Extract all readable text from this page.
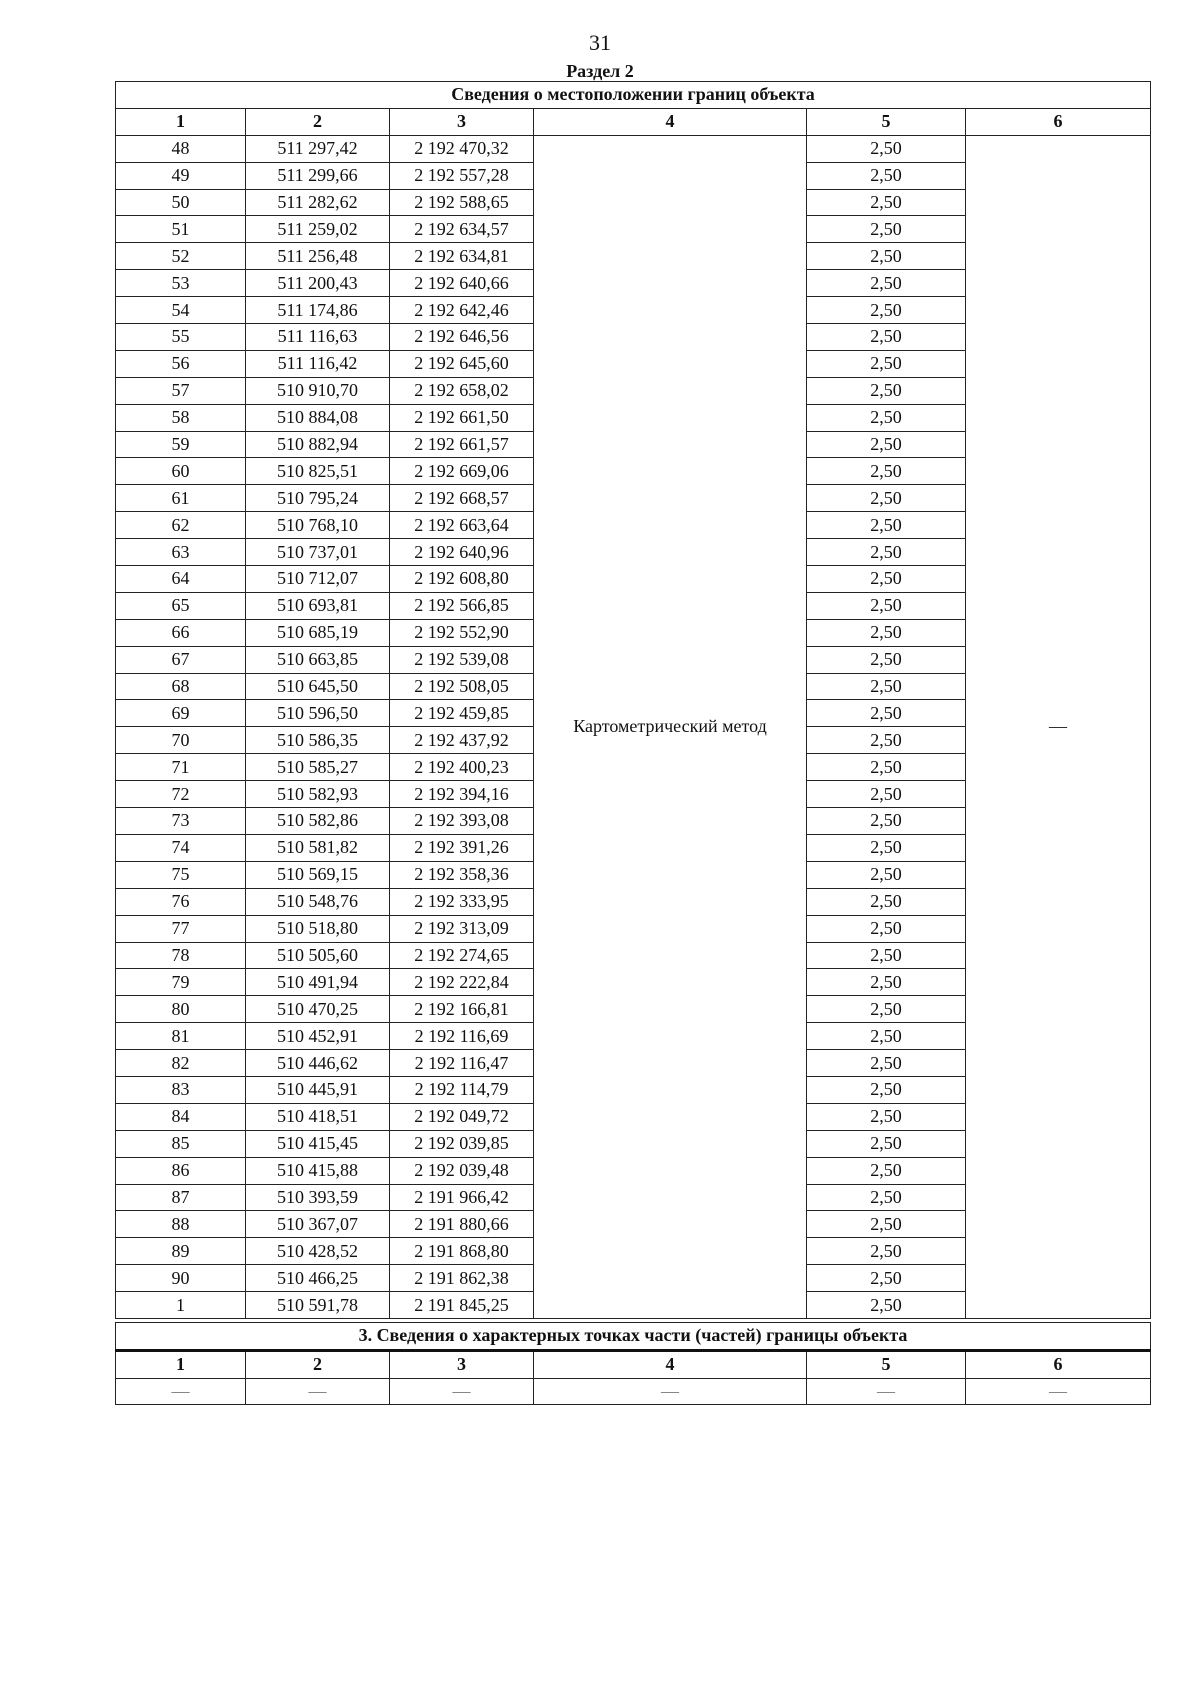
31
Раздел 2
Сведения о местоположении границ объекта					
1	2	3	4	5	6
48	511 297,42	2 192 470,32	Картометрический метод	2,50	—
49	511 299,66	2 192 557,28		2,50	
50	511 282,62	2 192 588,65		2,50	
51	511 259,02	2 192 634,57		2,50	
52	511 256,48	2 192 634,81		2,50	
53	511 200,43	2 192 640,66		2,50	
54	511 174,86	2 192 642,46		2,50	
55	511 116,63	2 192 646,56		2,50	
56	511 116,42	2 192 645,60		2,50	
57	510 910,70	2 192 658,02		2,50	
58	510 884,08	2 192 661,50		2,50	
59	510 882,94	2 192 661,57		2,50	
60	510 825,51	2 192 669,06		2,50	
61	510 795,24	2 192 668,57		2,50	
62	510 768,10	2 192 663,64		2,50	
63	510 737,01	2 192 640,96		2,50	
64	510 712,07	2 192 608,80		2,50	
65	510 693,81	2 192 566,85		2,50	
66	510 685,19	2 192 552,90		2,50	
67	510 663,85	2 192 539,08		2,50	
68	510 645,50	2 192 508,05		2,50	
69	510 596,50	2 192 459,85		2,50	
70	510 586,35	2 192 437,92		2,50	
71	510 585,27	2 192 400,23		2,50	
72	510 582,93	2 192 394,16		2,50	
73	510 582,86	2 192 393,08		2,50	
74	510 581,82	2 192 391,26		2,50	
75	510 569,15	2 192 358,36		2,50	
76	510 548,76	2 192 333,95		2,50	
77	510 518,80	2 192 313,09		2,50	
78	510 505,60	2 192 274,65		2,50	
79	510 491,94	2 192 222,84		2,50	
80	510 470,25	2 192 166,81		2,50	
81	510 452,91	2 192 116,69		2,50	
82	510 446,62	2 192 116,47		2,50	
83	510 445,91	2 192 114,79		2,50	
84	510 418,51	2 192 049,72		2,50	
85	510 415,45	2 192 039,85		2,50	
86	510 415,88	2 192 039,48		2,50	
87	510 393,59	2 191 966,42		2,50	
88	510 367,07	2 191 880,66		2,50	
89	510 428,52	2 191 868,80		2,50	
90	510 466,25	2 191 862,38		2,50	
1	510 591,78	2 191 845,25		2,50	
3. Сведения о характерных точках части (частей) границы объекта					
1	2	3	4	5	6
—	—	—	—	—	—
